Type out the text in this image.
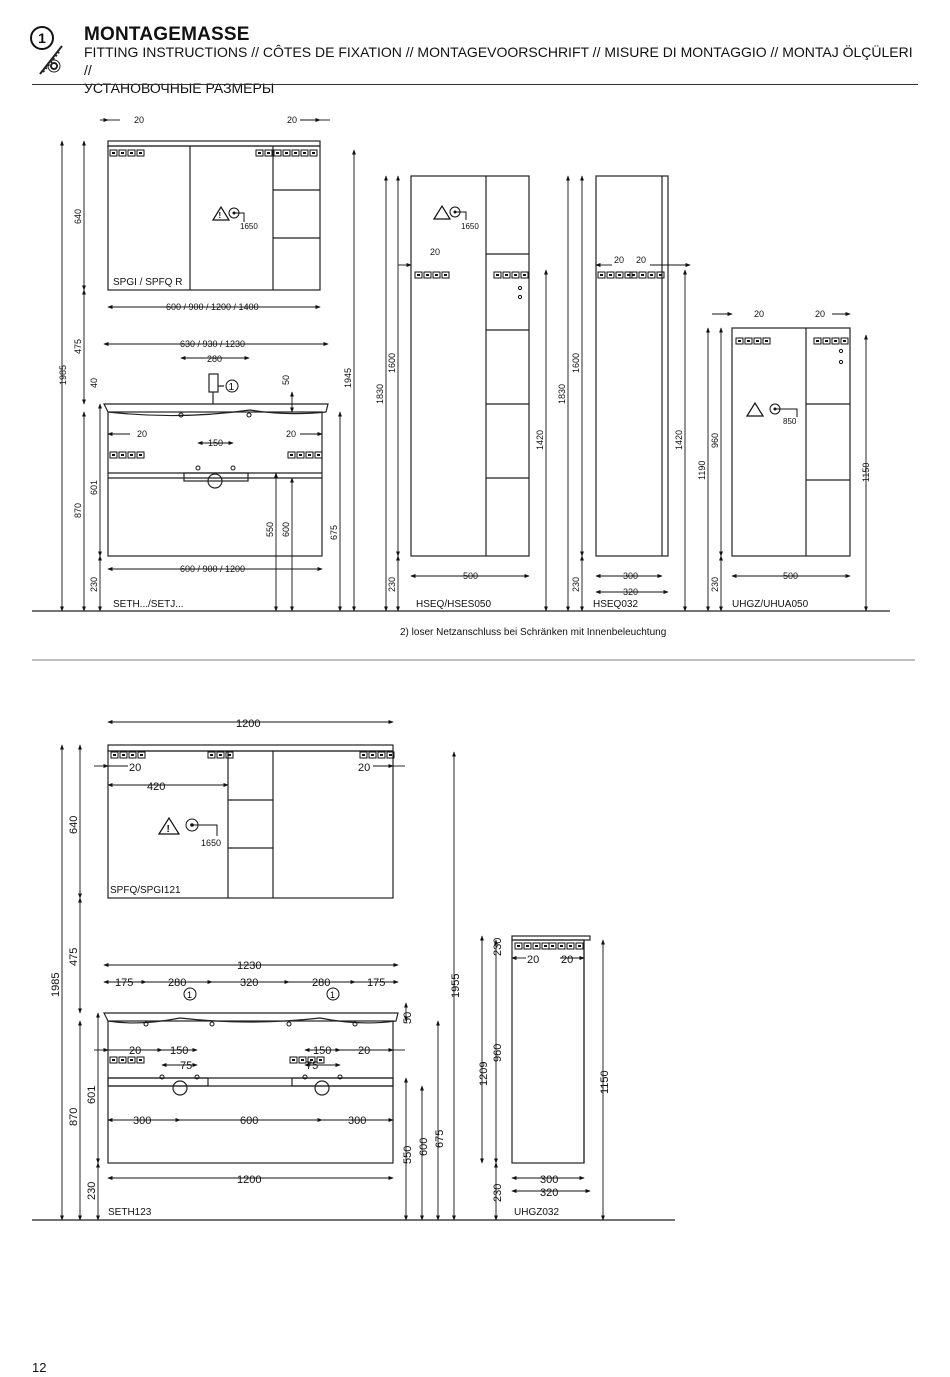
1	MONTAGEMASSE
FITTING INSTRUCTIONS // CÔTES DE FIXATION // MONTAGEVOORSCHRIFT // MISURE DI MONTAGGIO // MONTAJ ÖLÇÜLERI //
УСТАНОВОЧНЫЕ РАЗМЕРЫ
!
1
20	20
600 / 900 / 1200 / 1400
SPGI / SPFQ R
1650
630 / 930 / 1230
280
20	20
150
600 / 900 / 1200
SETH.../SETJ...
20
1650
500
HSEQ/HSES050
20 20
300
320
HSEQ032
20	20
850
500
UHGZ/UHUA050
2) loser Netzanschluss bei Schränken mit Innenbeleuchtung
640
475
1985 40
601
870
230
50
550 600	675
1945
1830
1600
230
1420
1830
1600
230
1420
1190
960
230
1150
1	1
!
1200
20	20
420
1650
SPFQ/SPGI121
1230
175	280	320	280	175
20	150
75
150 20
75
300	600	300
1200
SETH123
20 20
300
320
UHGZ032
640
475
1985
601
870
230
50
550 600 675
1955
230
1209
960
230
1150
12
